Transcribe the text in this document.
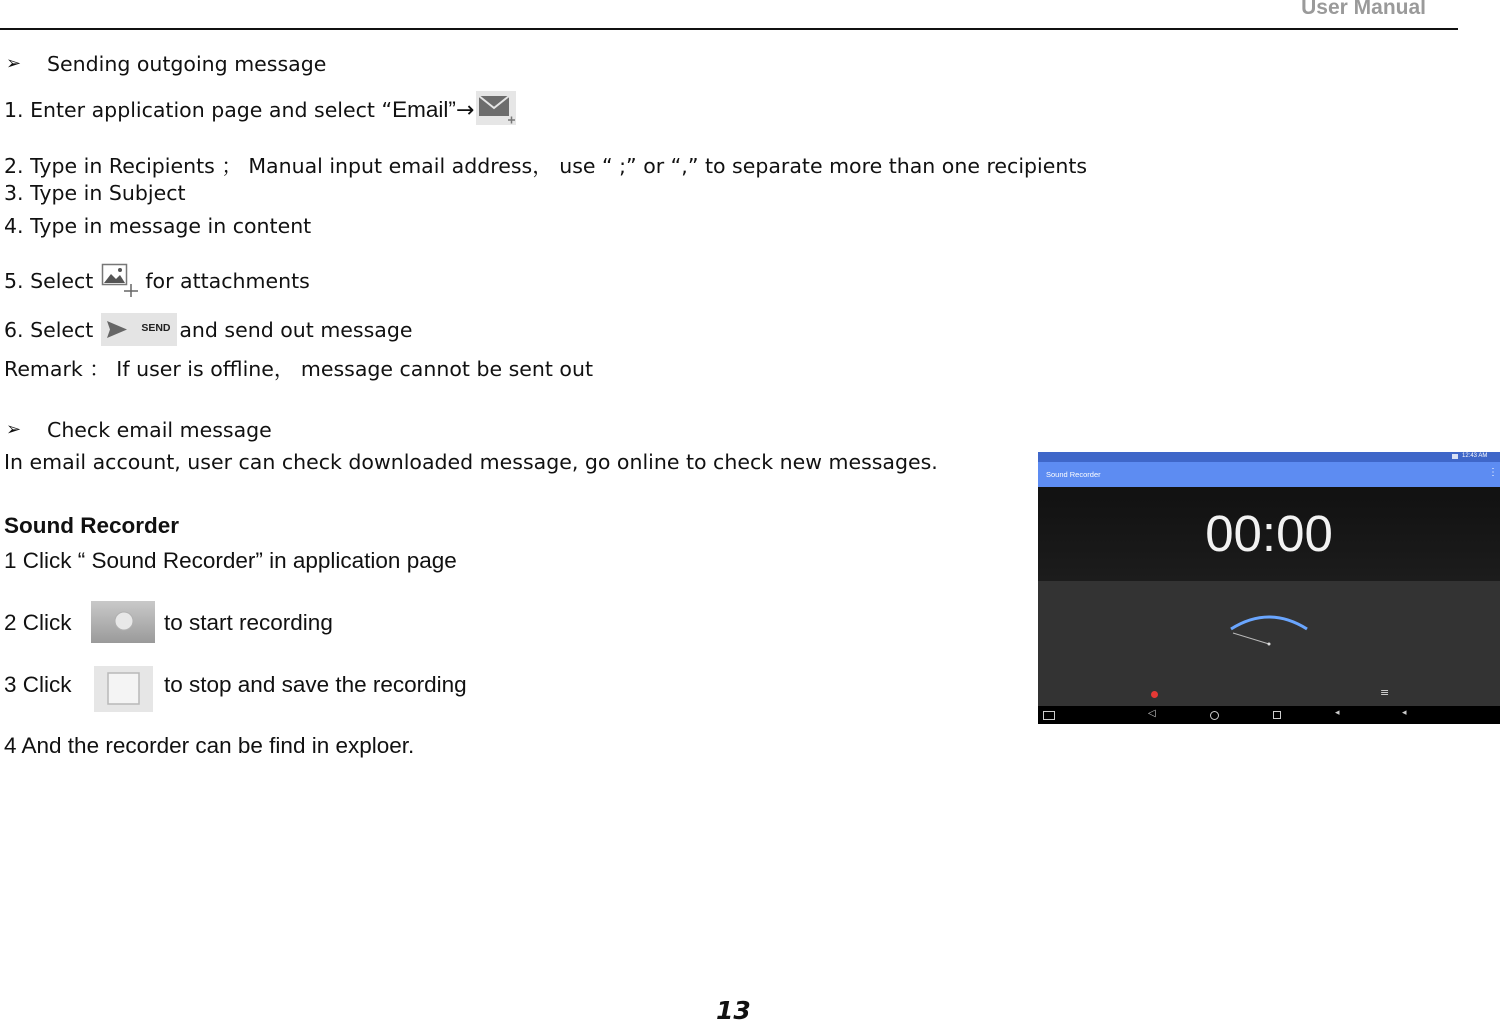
User Manual
➢ Sending outgoing message
1. Enter application page and select “ Email” →
2. Type in Recipients ； Manual input email address， use “ ;” or “,” to separate more than one recipients
3. Type in Subject
4. Type in message in content
5. Select	for attachments
6. Select	SEND and send out message
Remark ： If user is offline， message cannot be sent out
➢ Check email message
In email account, user can check downloaded message, go online to check new messages.
Sound Recorder
1 Click “ Sound Recorder” in application page
2 Click	to start recording
3 Click	to stop and save the recording
4 And the recorder can be find in exploer.
12:43 AM
Sound Recorder	⋮
00:00
≡
◁	◂	◂
13
